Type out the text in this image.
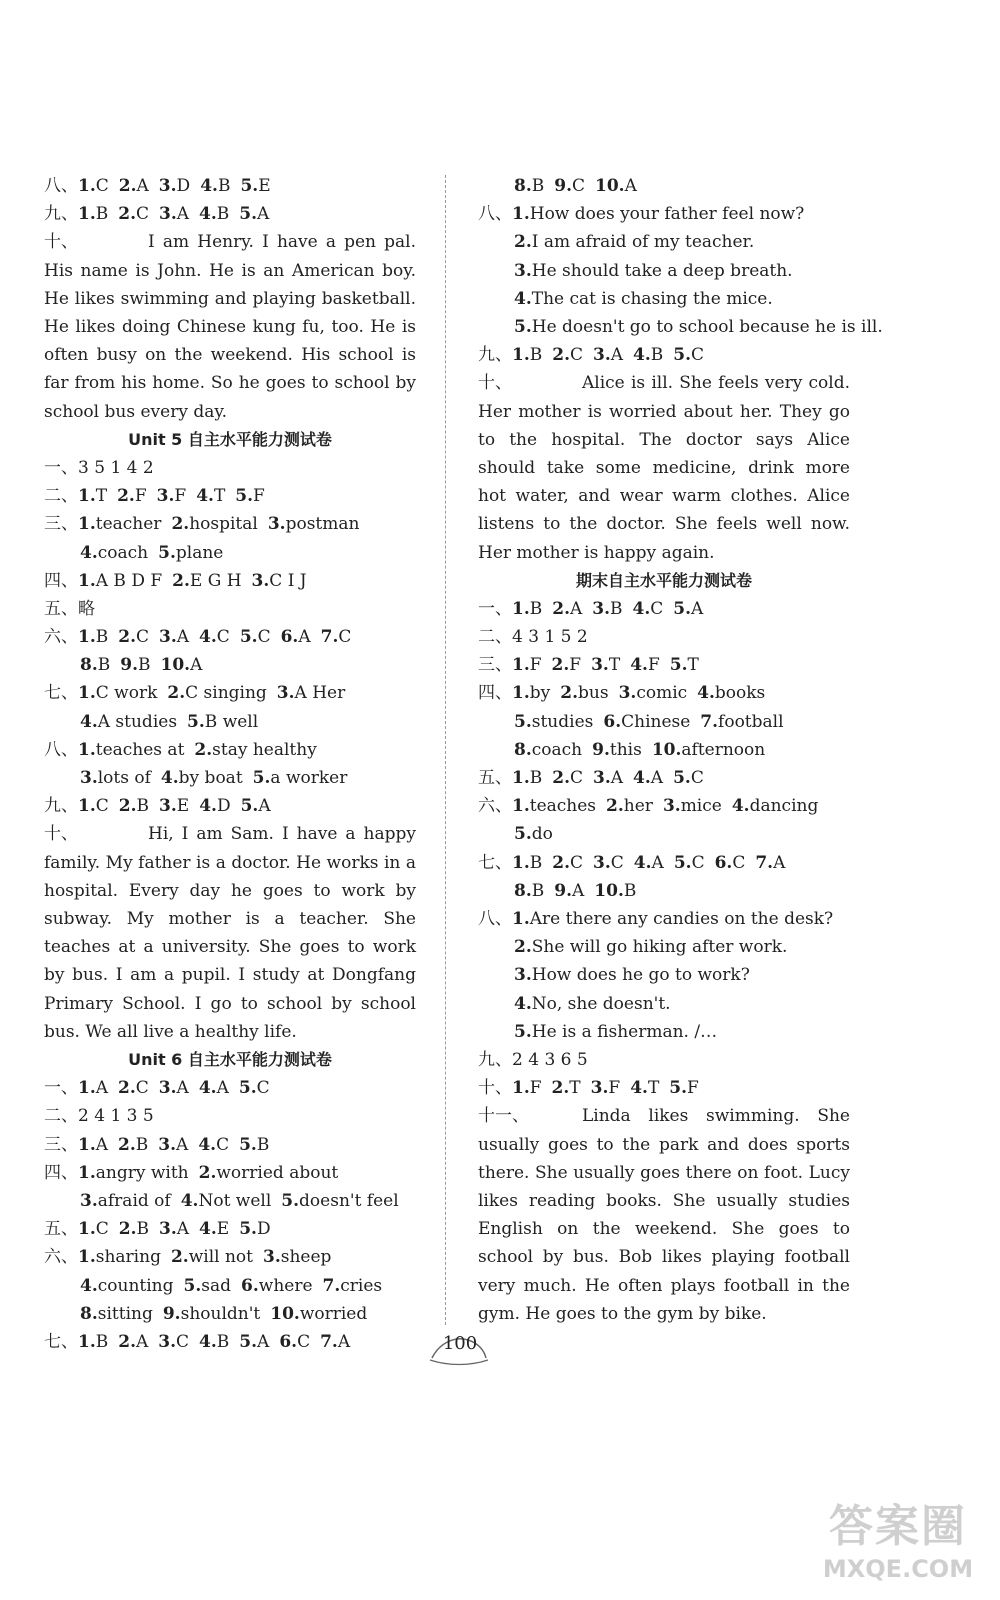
八、1.C 2.A 3.D 4.B 5.E
九、1.B 2.C 3.A 4.B 5.A
十、	I am Henry. I have a pen pal. His name is John. He is an American boy. He likes swimming and playing basketball. He likes doing Chinese kung fu, too. He is often busy on the weekend. His school is far from his home. So he goes to school by school bus every day.
Unit 5 自主水平能力测试卷
一、3 5 1 4 2
二、1.T 2.F 3.F 4.T 5.F
三、1.teacher 2.hospital 3.postman
4.coach 5.plane
四、1.A B D F 2.E G H 3.C I J
五、略
六、1.B 2.C 3.A 4.C 5.C 6.A 7.C
8.B 9.B 10.A
七、1.C work 2.C singing 3.A Her
4.A studies 5.B well
八、1.teaches at 2.stay healthy
3.lots of 4.by boat 5.a worker
九、1.C 2.B 3.E 4.D 5.A
十、	Hi, I am Sam. I have a happy family. My father is a doctor. He works in a hospital. Every day he goes to work by subway. My mother is a teacher. She teaches at a university. She goes to work by bus. I am a pupil. I study at Dongfang Primary School. I go to school by school bus. We all live a healthy life.
Unit 6 自主水平能力测试卷
一、1.A 2.C 3.A 4.A 5.C
二、2 4 1 3 5
三、1.A 2.B 3.A 4.C 5.B
四、1.angry with 2.worried about
3.afraid of 4.Not well 5.doesn't feel
五、1.C 2.B 3.A 4.E 5.D
六、1.sharing 2.will not 3.sheep
4.counting 5.sad 6.where 7.cries
8.sitting 9.shouldn't 10.worried
七、1.B 2.A 3.C 4.B 5.A 6.C 7.A
8.B 9.C 10.A
八、1.How does your father feel now?
2.I am afraid of my teacher.
3.He should take a deep breath.
4.The cat is chasing the mice.
5.He doesn't go to school because he is ill.
九、1.B 2.C 3.A 4.B 5.C
十、	Alice is ill. She feels very cold. Her mother is worried about her. They go to the hospital. The doctor says Alice should take some medicine, drink more hot water, and wear warm clothes. Alice listens to the doctor. She feels well now. Her mother is happy again.
期末自主水平能力测试卷
一、1.B 2.A 3.B 4.C 5.A
二、4 3 1 5 2
三、1.F 2.F 3.T 4.F 5.T
四、1.by 2.bus 3.comic 4.books
5.studies 6.Chinese 7.football
8.coach 9.this 10.afternoon
五、1.B 2.C 3.A 4.A 5.C
六、1.teaches 2.her 3.mice 4.dancing
5.do
七、1.B 2.C 3.C 4.A 5.C 6.C 7.A
8.B 9.A 10.B
八、1.Are there any candies on the desk?
2.She will go hiking after work.
3.How does he go to work?
4.No, she doesn't.
5.He is a fisherman. /…
九、2 4 3 6 5
十、1.F 2.T 3.F 4.T 5.F
十一、	Linda likes swimming. She usually goes to the park and does sports there. She usually goes there on foot. Lucy likes reading books. She usually studies English on the weekend. She goes to school by bus. Bob likes playing football very much. He often plays football in the gym. He goes to the gym by bike.
100
答案圈
MXQE.COM
